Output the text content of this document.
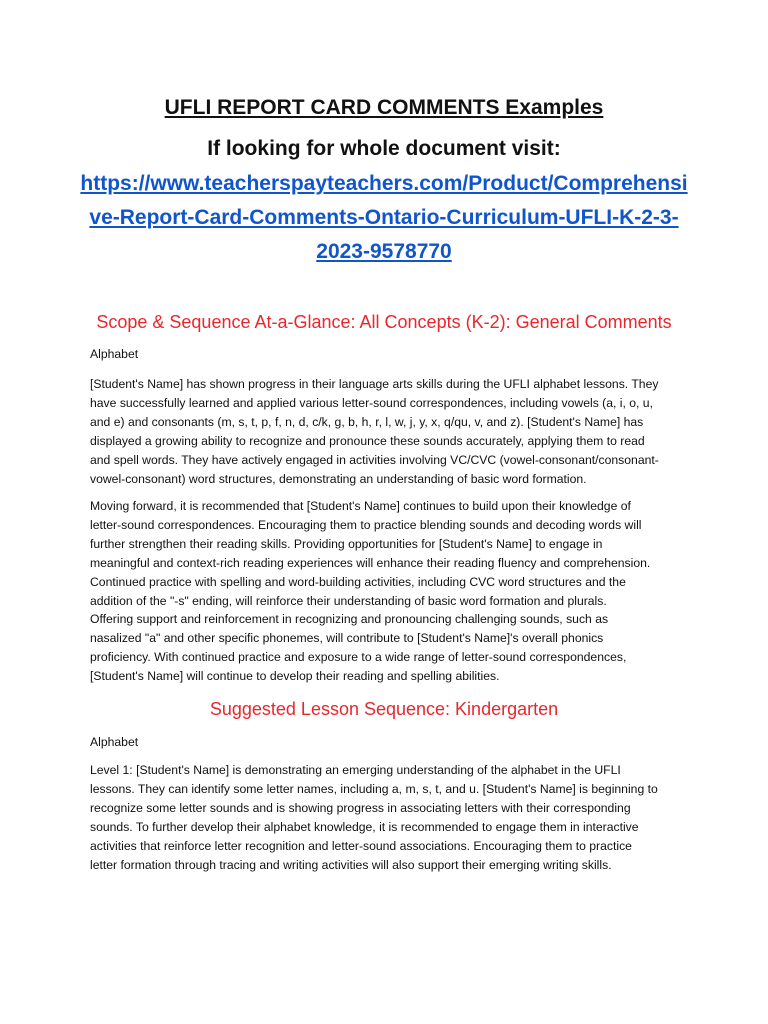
UFLI REPORT CARD COMMENTS Examples
If looking for whole document visit:
https://www.teacherspayteachers.com/Product/Comprehensi
ve-Report-Card-Comments-Ontario-Curriculum-UFLI-K-2-3-
2023-9578770
Scope & Sequence At-a-Glance: All Concepts (K-2): General Comments
Alphabet
[Student's Name] has shown progress in their language arts skills during the UFLI alphabet lessons. They
have successfully learned and applied various letter-sound correspondences, including vowels (a, i, o, u,
and e) and consonants (m, s, t, p, f, n, d, c/k, g, b, h, r, l, w, j, y, x, q/qu, v, and z). [Student's Name] has
displayed a growing ability to recognize and pronounce these sounds accurately, applying them to read
and spell words. They have actively engaged in activities involving VC/CVC (vowel-consonant/consonant-
vowel-consonant) word structures, demonstrating an understanding of basic word formation.
Moving forward, it is recommended that [Student's Name] continues to build upon their knowledge of
letter-sound correspondences. Encouraging them to practice blending sounds and decoding words will
further strengthen their reading skills. Providing opportunities for [Student's Name] to engage in
meaningful and context-rich reading experiences will enhance their reading fluency and comprehension.
Continued practice with spelling and word-building activities, including CVC word structures and the
addition of the "-s" ending, will reinforce their understanding of basic word formation and plurals.
Offering support and reinforcement in recognizing and pronouncing challenging sounds, such as
nasalized "a" and other specific phonemes, will contribute to [Student's Name]'s overall phonics
proficiency. With continued practice and exposure to a wide range of letter-sound correspondences,
[Student's Name] will continue to develop their reading and spelling abilities.
Suggested Lesson Sequence: Kindergarten
Alphabet
Level 1: [Student's Name] is demonstrating an emerging understanding of the alphabet in the UFLI
lessons. They can identify some letter names, including a, m, s, t, and u. [Student's Name] is beginning to
recognize some letter sounds and is showing progress in associating letters with their corresponding
sounds. To further develop their alphabet knowledge, it is recommended to engage them in interactive
activities that reinforce letter recognition and letter-sound associations. Encouraging them to practice
letter formation through tracing and writing activities will also support their emerging writing skills.
